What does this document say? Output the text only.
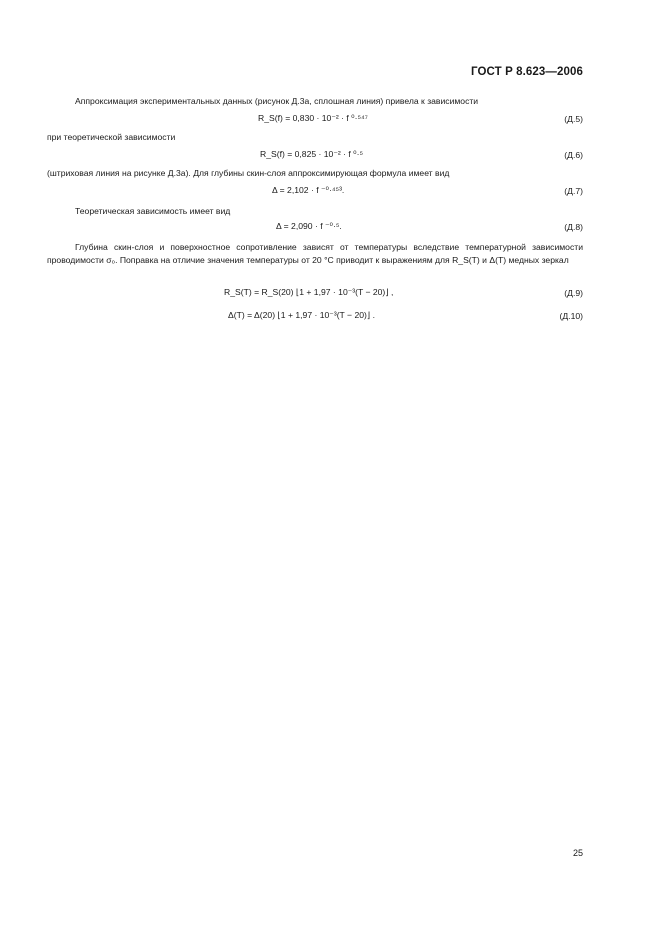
ГОСТ Р 8.623—2006
Аппроксимация экспериментальных данных (рисунок Д.3а, сплошная линия) привела к зависимости
R_S(f) = 0,830 · 10⁻² · f ⁰·⁵⁴⁷	(Д.5)
при теоретической зависимости
R_S(f) = 0,825 · 10⁻² · f ⁰·⁵	(Д.6)
(штриховая линия на рисунке Д.3а). Для глубины скин-слоя аппроксимирующая формула имеет вид
Δ = 2,102 · f ⁻⁰·⁴⁵³.	(Д.7)
Теоретическая зависимость имеет вид
Δ = 2,090 · f ⁻⁰·⁵.	(Д.8)
Глубина скин-слоя и поверхностное сопротивление зависят от температуры вследствие температурной зависимости проводимости σ₀. Поправка на отличие значения температуры от 20 °С приводит к выражениям для R_S(T) и Δ(T) медных зеркал
R_S(T) = R_S(20) ⌊1 + 1,97 · 10⁻³(T − 20)⌋ ,	(Д.9)
Δ(T) = Δ(20) ⌊1 + 1,97 · 10⁻³(T − 20)⌋ .	(Д.10)
25
